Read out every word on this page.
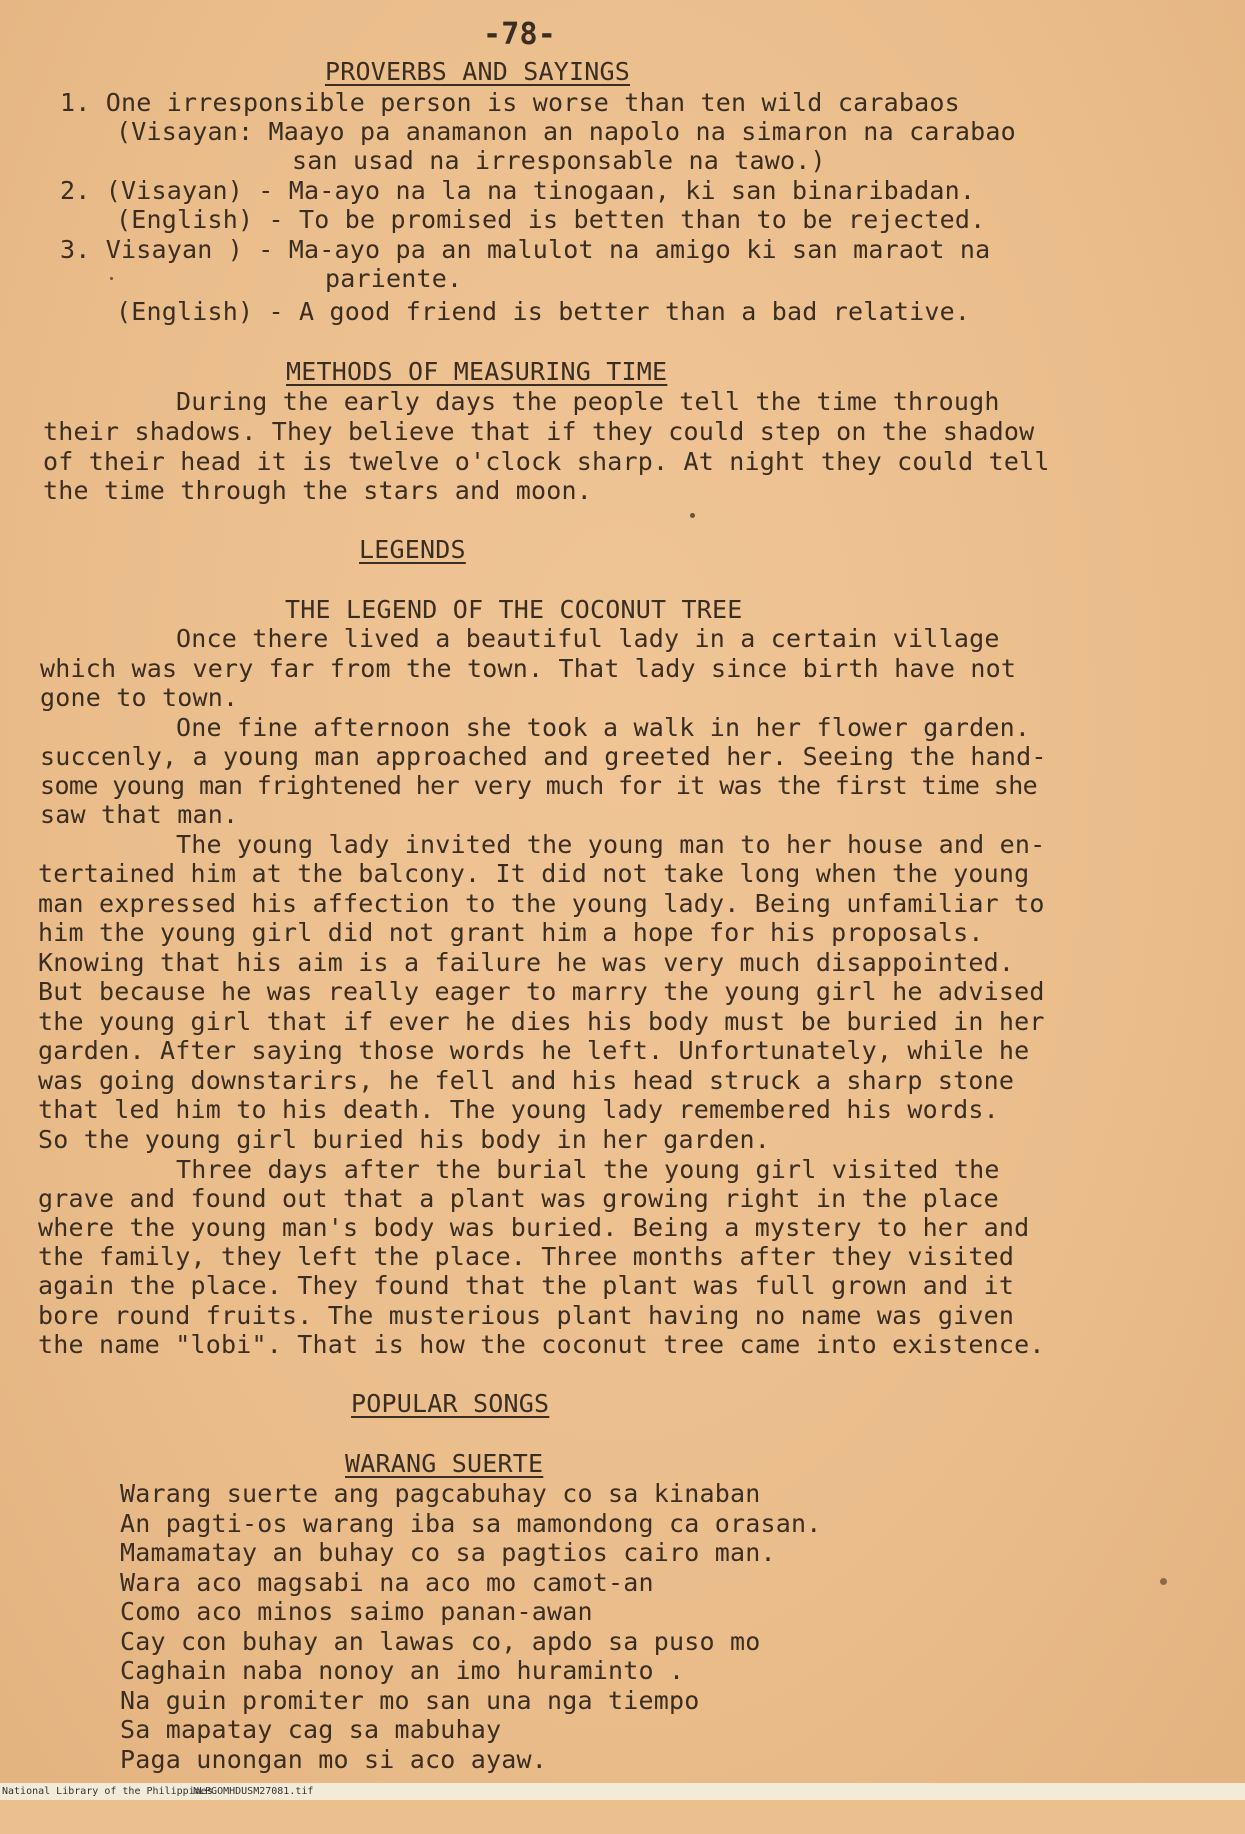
-78-
PROVERBS AND SAYINGS
1. One irresponsible person is worse than ten wild carabaos
(Visayan: Maayo pa anamanon an napolo na simaron na carabao
san usad na irresponsable na tawo.)
2. (Visayan) - Ma-ayo na la na tinogaan, ki san binaribadan.
(English) - To be promised is betten than to be rejected.
3. Visayan ) - Ma-ayo pa an malulot na amigo ki san maraot na
pariente.
(English) - A good friend is better than a bad relative.
METHODS OF MEASURING TIME
During the early days the people tell the time through
their shadows. They believe that if they could step on the shadow
of their head it is twelve o'clock sharp. At night they could tell
the time through the stars and moon.
LEGENDS
THE LEGEND OF THE COCONUT TREE
Once there lived a beautiful lady in a certain village
which was very far from the town. That lady since birth have not
gone to town.
One fine afternoon she took a walk in her flower garden.
succenly, a young man approached and greeted her. Seeing the hand-
some young man frightened her very much for it was the first time she
saw that man.
The young lady invited the young man to her house and en-
tertained him at the balcony. It did not take long when the young
man expressed his affection to the young lady. Being unfamiliar to
him the young girl did not grant him a hope for his proposals.
Knowing that his aim is a failure he was very much disappointed.
But because he was really eager to marry the young girl he advised
the young girl that if ever he dies his body must be buried in her
garden. After saying those words he left. Unfortunately, while he
was going downstarirs, he fell and his head struck a sharp stone
that led him to his death. The young lady remembered his words.
So the young girl buried his body in her garden.
Three days after the burial the young girl visited the
grave and found out that a plant was growing right in the place
where the young man's body was buried. Being a mystery to her and
the family, they left the place. Three months after they visited
again the place. They found that the plant was full grown and it
bore round fruits. The musterious plant having no name was given
the name "lobi". That is how the coconut tree came into existence.
POPULAR SONGS
WARANG SUERTE
Warang suerte ang pagcabuhay co sa kinaban
An pagti-os warang iba sa mamondong ca orasan.
Mamamatay an buhay co sa pagtios cairo man.
Wara aco magsabi na aco mo camot-an
Como aco minos saimo panan-awan
Cay con buhay an lawas co, apdo sa puso mo
Caghain naba nonoy an imo huraminto .
Na guin promiter mo san una nga tiempo
Sa mapatay cag sa mabuhay
Paga unongan mo si aco ayaw.

National Library of the Philippines

NLPGOMHDUSM27081.tif
